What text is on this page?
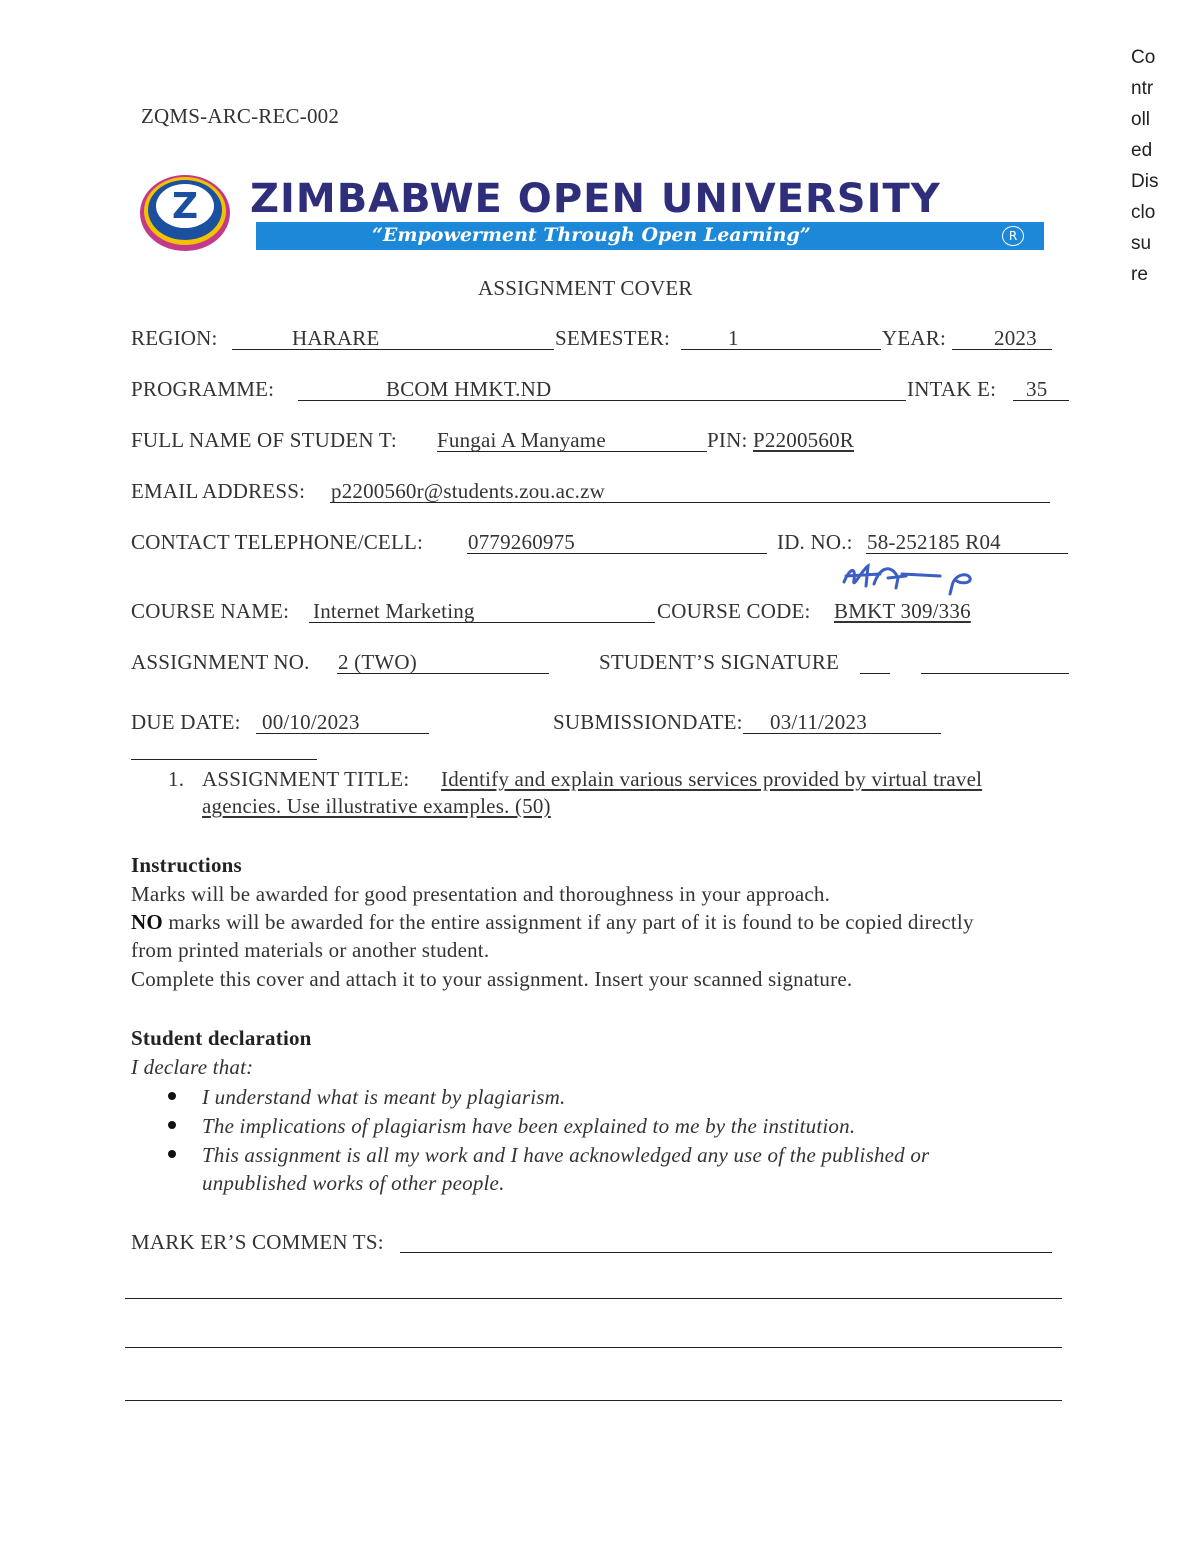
Co
ntr
oll
ed
Dis
clo
su
re
ZQMS-ARC-REC-002
Z ZIMBABWE OPEN UNIVERSITY
“Empowerment Through Open Learning”	R
ASSIGNMENT COVER
REGION:	HARARE	SEMESTER:	1	YEAR: 2023
PROGRAMME:	BCOM HMKT.ND	INTAK E: 35
FULL NAME OF STUDEN T: Fungai A Manyame	PIN: P2200560R
EMAIL ADDRESS: p2200560r@students.zou.ac.zw
CONTACT TELEPHONE/CELL: 0779260975	ID. NO.: 58-252185 R04
COURSE NAME: Internet Marketing	COURSE CODE: BMKT 309/336
ASSIGNMENT NO. 2 (TWO)	STUDENT’S SIGNATURE
DUE DATE: 00/10/2023	SUBMISSIONDATE: 03/11/2023
1. ASSIGNMENT TITLE: Identify and explain various services provided by virtual travel
agencies. Use illustrative examples. (50)
Instructions
Marks will be awarded for good presentation and thoroughness in your approach.
NO marks will be awarded for the entire assignment if any part of it is found to be copied directly
from printed materials or another student.
Complete this cover and attach it to your assignment. Insert your scanned signature.
Student declaration
I declare that:
I understand what is meant by plagiarism.
The implications of plagiarism have been explained to me by the institution.
This assignment is all my work and I have acknowledged any use of the published or
unpublished works of other people.
MARK ER’S COMMEN TS:
